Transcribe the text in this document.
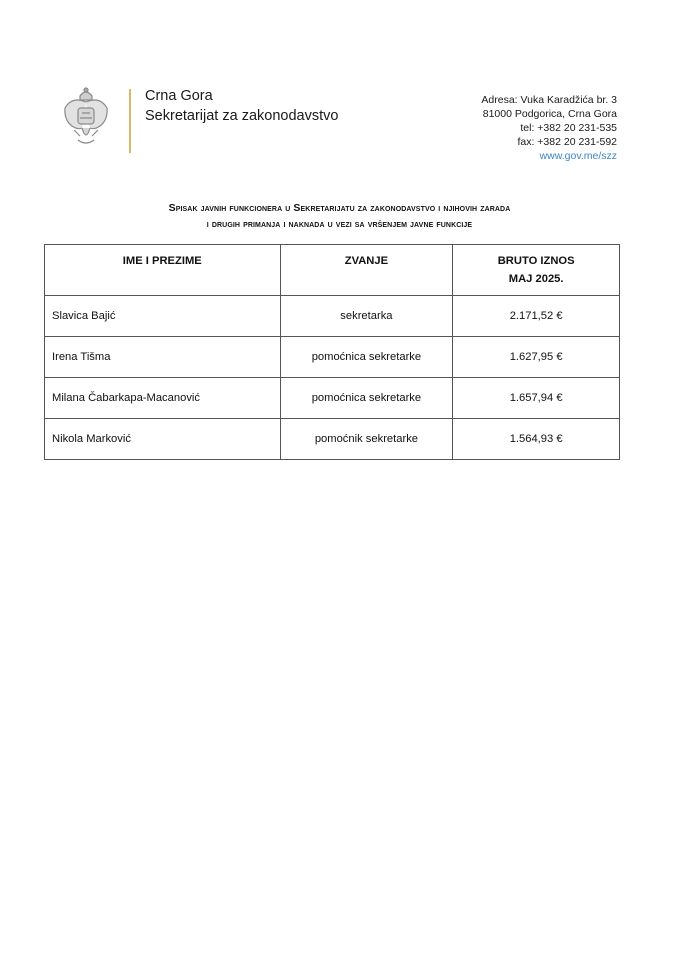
Crna Gora
Sekretarijat za zakonodavstvo
Adresa: Vuka Karadžića br. 3
81000 Podgorica, Crna Gora
tel: +382 20 231-535
fax: +382 20 231-592
www.gov.me/szz
Spisak javnih funkcionera u Sekretarijatu za zakonodavstvo i njihovih zarada
i drugih primanja i naknada u vezi sa vršenjem javne funkcije
IME I PREZIME	ZVANJE	BRUTO IZNOS
MAJ 2025.

Slavica Bajić	sekretarka	2.171,52 €
Irena Tišma	pomoćnica sekretarke	1.627,95 €
Milana Čabarkapa-Macanović	pomoćnica sekretarke	1.657,94 €
Nikola Marković	pomoćnik sekretarke	1.564,93 €
